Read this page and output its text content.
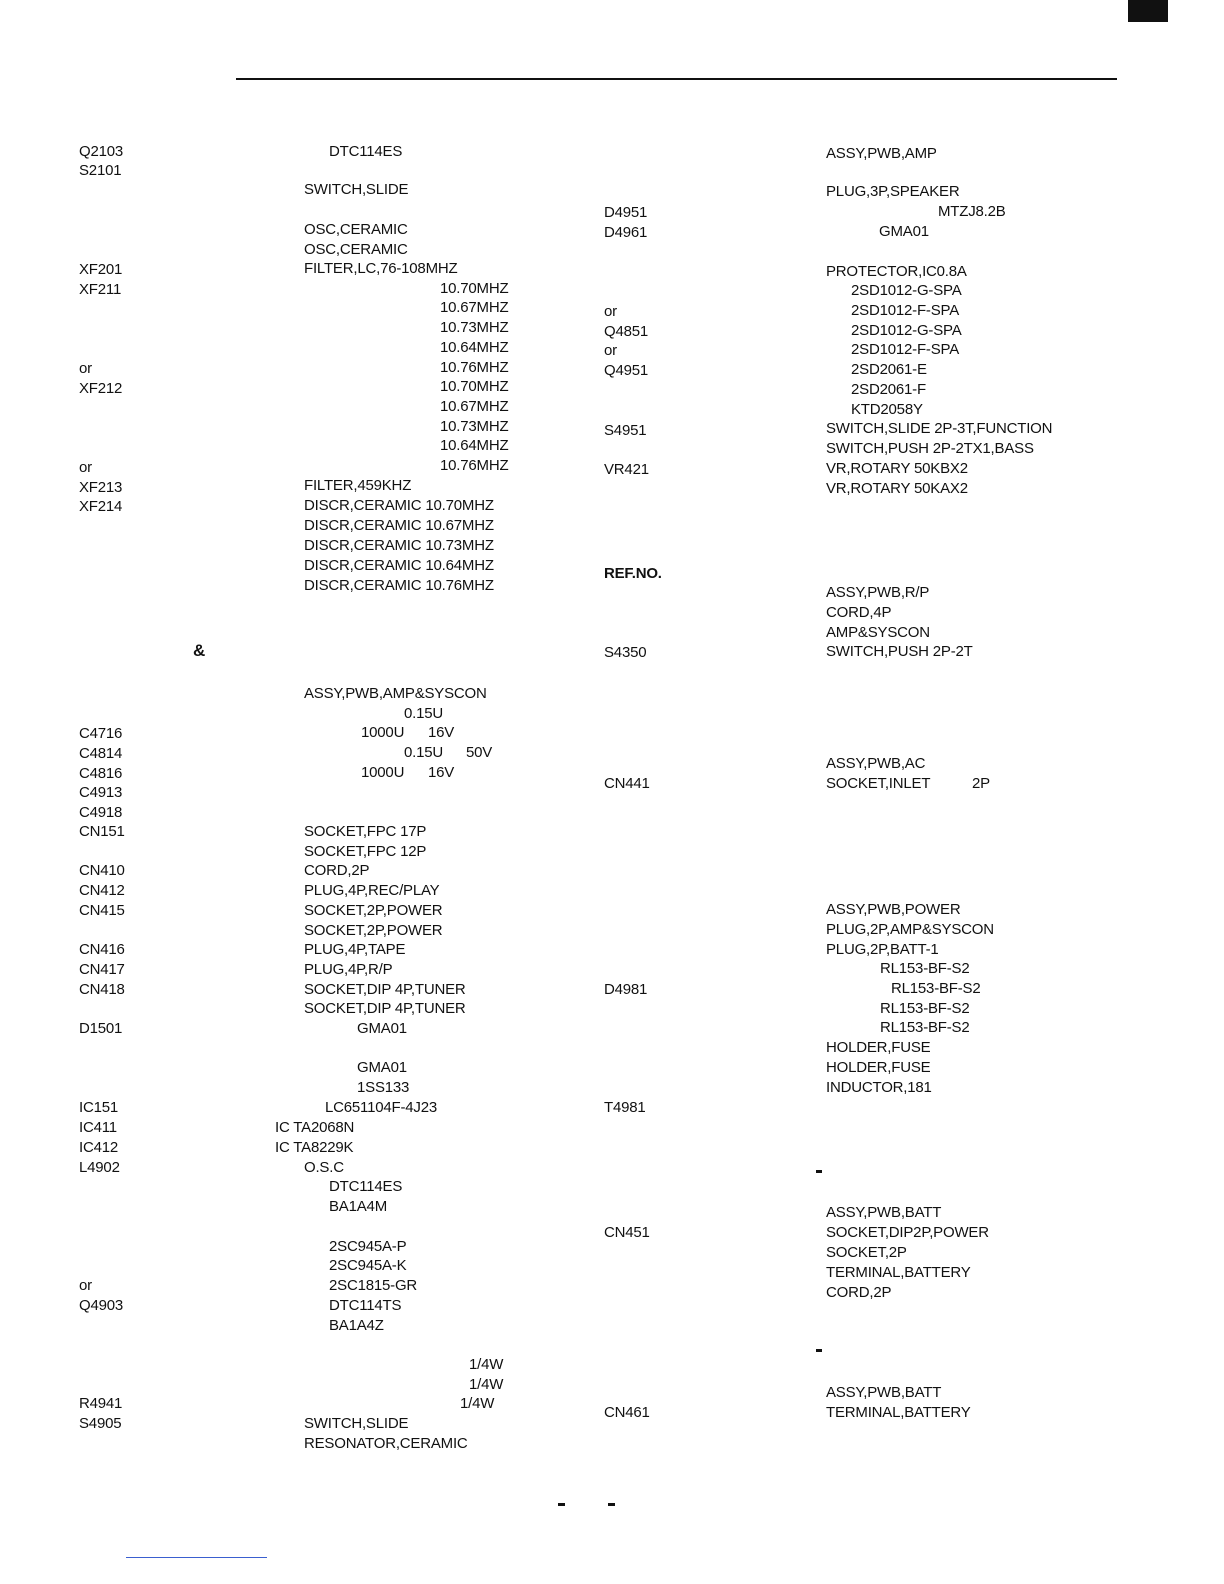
Q2103
S2101
XF201
XF211
or
XF212
or
XF213
XF214
C4716
C4814
C4816
C4913
C4918
CN151
CN410
CN412
CN415
CN416
CN417
CN418
D1501
IC151
IC411
IC412
L4902
or
Q4903
R4941
S4905
&
DTC114ES
SWITCH,SLIDE
OSC,CERAMIC
OSC,CERAMIC
FILTER,LC,76-108MHZ
10.70MHZ
10.67MHZ
10.73MHZ
10.64MHZ
10.76MHZ
10.70MHZ
10.67MHZ
10.73MHZ
10.64MHZ
10.76MHZ
FILTER,459KHZ
DISCR,CERAMIC 10.70MHZ
DISCR,CERAMIC 10.67MHZ
DISCR,CERAMIC 10.73MHZ
DISCR,CERAMIC 10.64MHZ
DISCR,CERAMIC 10.76MHZ
ASSY,PWB,AMP&SYSCON
0.15U
1000U 16V
0.15U 50V
1000U 16V
SOCKET,FPC 17P
SOCKET,FPC 12P
CORD,2P
PLUG,4P,REC/PLAY
SOCKET,2P,POWER
SOCKET,2P,POWER
PLUG,4P,TAPE
PLUG,4P,R/P
SOCKET,DIP 4P,TUNER
SOCKET,DIP 4P,TUNER
GMA01
GMA01
1SS133
LC651104F-4J23
IC TA2068N
IC TA8229K
O.S.C
DTC114ES
BA1A4M
2SC945A-P
2SC945A-K
2SC1815-GR
DTC114TS
BA1A4Z
1/4W
1/4W
1/4W
SWITCH,SLIDE
RESONATOR,CERAMIC
D4951
D4961
or
Q4851
or
Q4951
S4951
VR421
REF.NO.
S4350
CN441
D4981
T4981
CN451
CN461
ASSY,PWB,AMP
PLUG,3P,SPEAKER
MTZJ8.2B
GMA01
PROTECTOR,IC0.8A
2SD1012-G-SPA
2SD1012-F-SPA
2SD1012-G-SPA
2SD1012-F-SPA
2SD2061-E
2SD2061-F
KTD2058Y
SWITCH,SLIDE 2P-3T,FUNCTION
SWITCH,PUSH 2P-2TX1,BASS
VR,ROTARY 50KBX2
VR,ROTARY 50KAX2
ASSY,PWB,R/P
CORD,4P
AMP&SYSCON
SWITCH,PUSH 2P-2T
ASSY,PWB,AC
SOCKET,INLET	2P
ASSY,PWB,POWER
PLUG,2P,AMP&SYSCON
PLUG,2P,BATT-1
RL153-BF-S2
RL153-BF-S2
RL153-BF-S2
RL153-BF-S2
HOLDER,FUSE
HOLDER,FUSE
INDUCTOR,181
ASSY,PWB,BATT
SOCKET,DIP2P,POWER
SOCKET,2P
TERMINAL,BATTERY
CORD,2P
ASSY,PWB,BATT
TERMINAL,BATTERY
